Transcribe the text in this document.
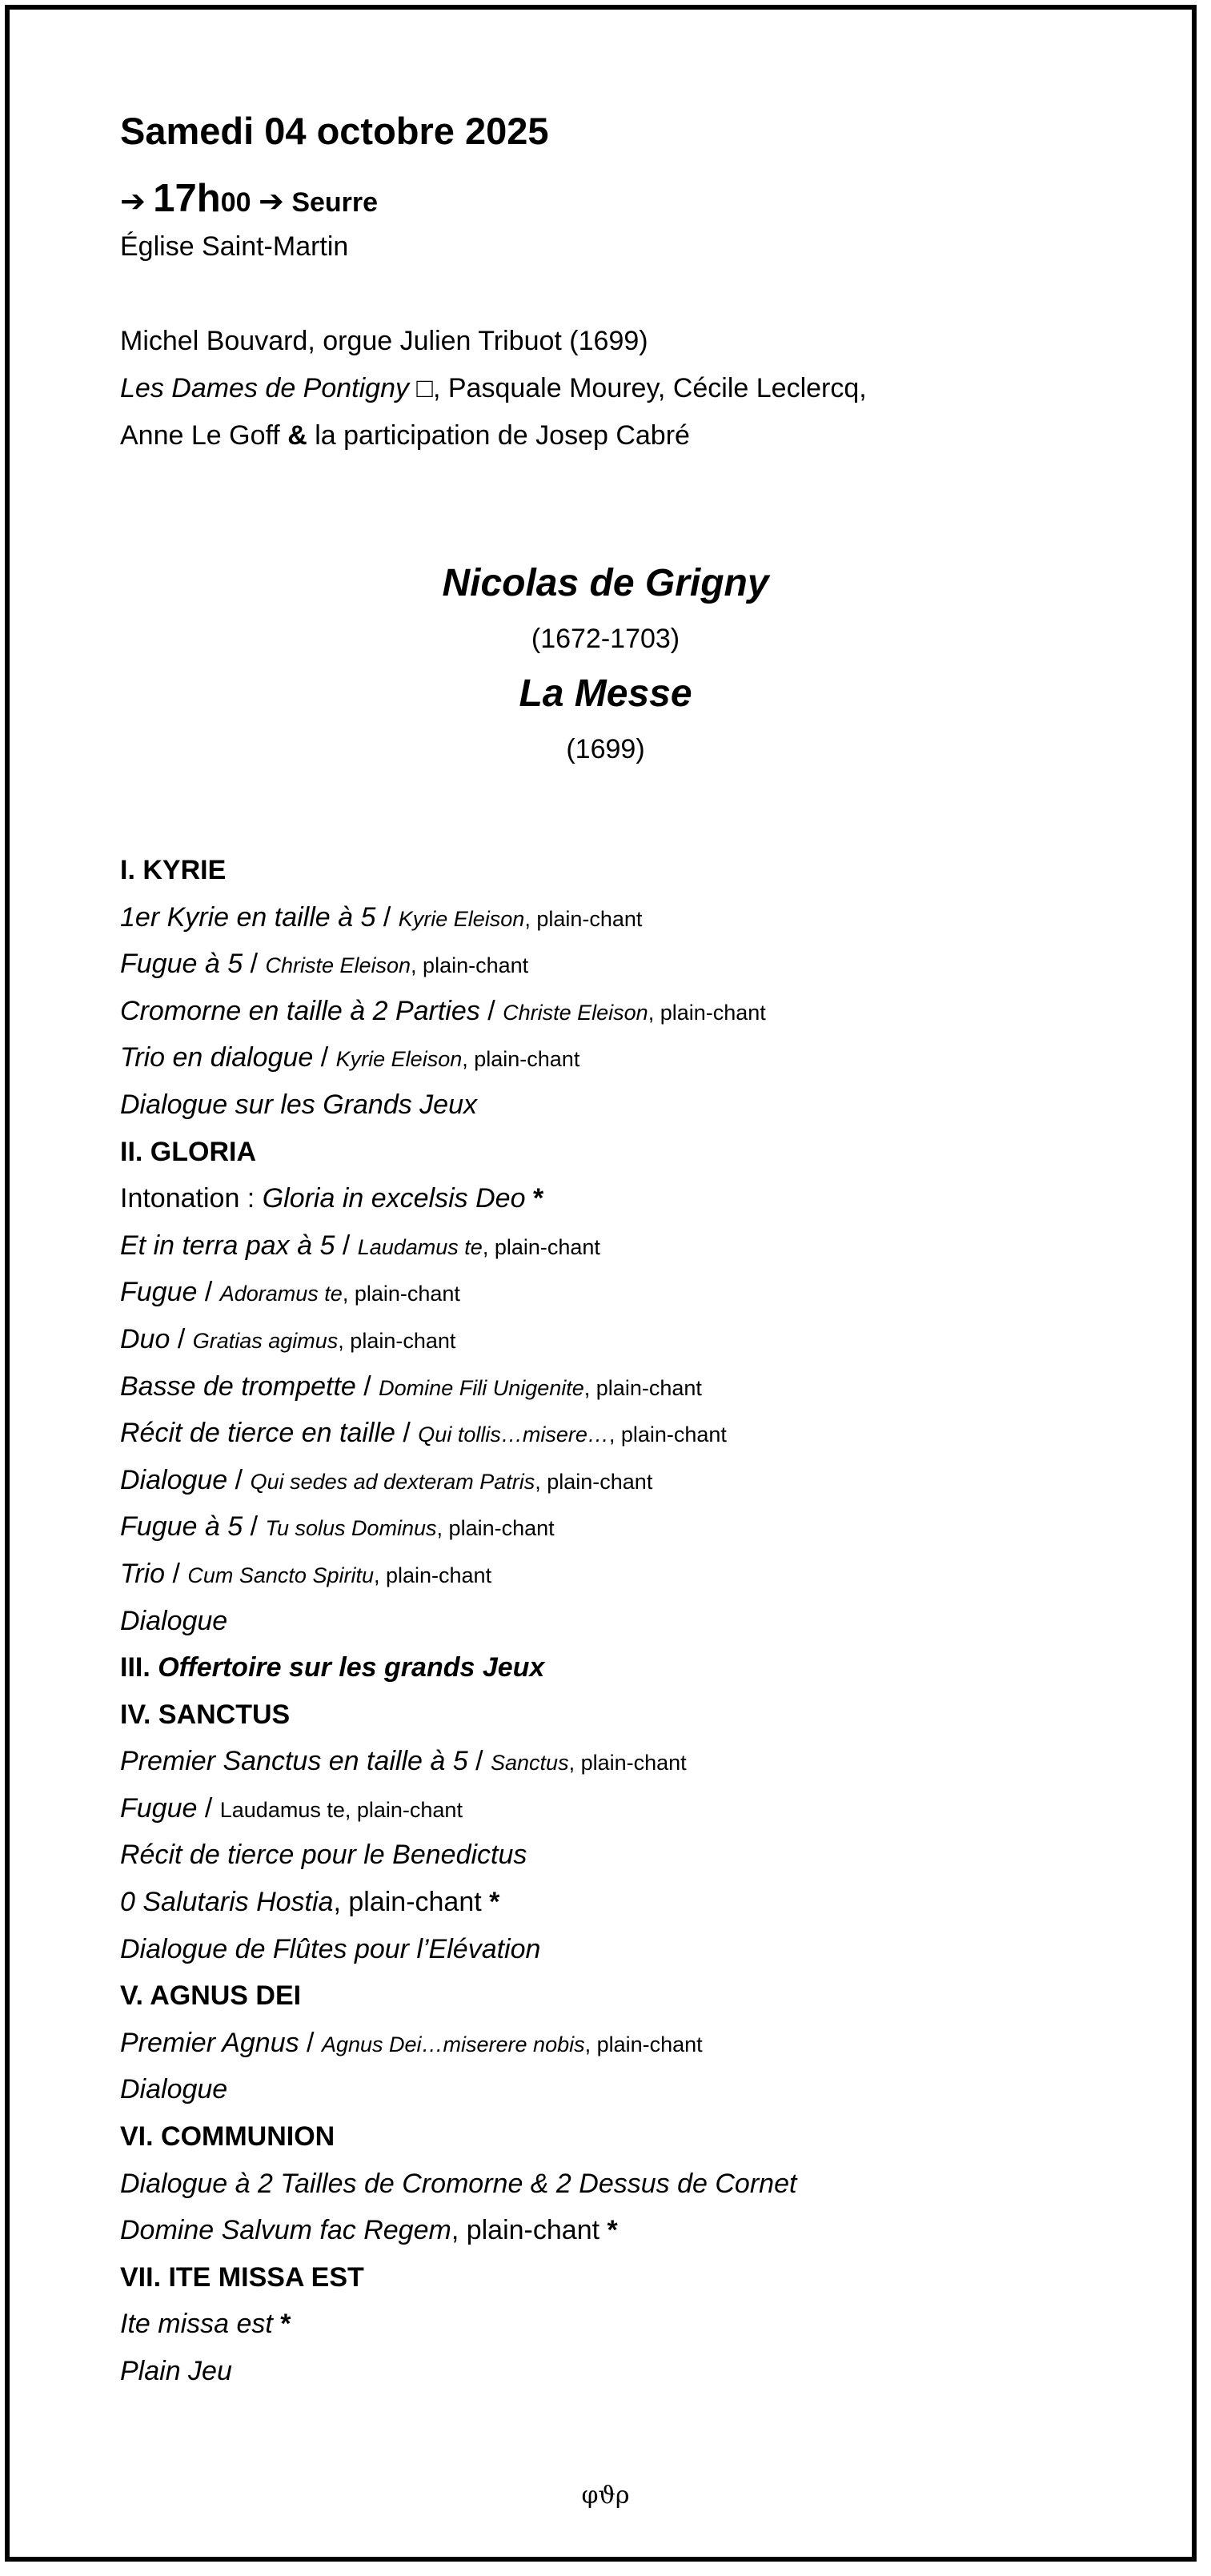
Samedi 04 octobre 2025
➔ 17h00 ➔ Seurre
Église Saint-Martin
Michel Bouvard, orgue Julien Tribuot (1699)
Les Dames de Pontigny □, Pasquale Mourey, Cécile Leclercq,
Anne Le Goff & la participation de Josep Cabré
Nicolas de Grigny
(1672-1703)
La Messe
(1699)
I. KYRIE
1er Kyrie en taille à 5 / Kyrie Eleison, plain-chant
Fugue à 5 / Christe Eleison, plain-chant
Cromorne en taille à 2 Parties / Christe Eleison, plain-chant
Trio en dialogue / Kyrie Eleison, plain-chant
Dialogue sur les Grands Jeux
II. GLORIA
Intonation : Gloria in excelsis Deo *
Et in terra pax à 5 / Laudamus te, plain-chant
Fugue / Adoramus te, plain-chant
Duo / Gratias agimus, plain-chant
Basse de trompette / Domine Fili Unigenite, plain-chant
Récit de tierce en taille / Qui tollis…misere…, plain-chant
Dialogue / Qui sedes ad dexteram Patris, plain-chant
Fugue à 5 / Tu solus Dominus, plain-chant
Trio / Cum Sancto Spiritu, plain-chant
Dialogue
III. Offertoire sur les grands Jeux
IV. SANCTUS
Premier Sanctus en taille à 5 / Sanctus, plain-chant
Fugue / Laudamus te, plain-chant
Récit de tierce pour le Benedictus
0 Salutaris Hostia, plain-chant *
Dialogue de Flûtes pour l’Elévation
V. AGNUS DEI
Premier Agnus / Agnus Dei…miserere nobis, plain-chant
Dialogue
VI. COMMUNION
Dialogue à 2 Tailles de Cromorne & 2 Dessus de Cornet
Domine Salvum fac Regem, plain-chant *
VII. ITE MISSA EST
Ite missa est *
Plain Jeu
φϑρ
